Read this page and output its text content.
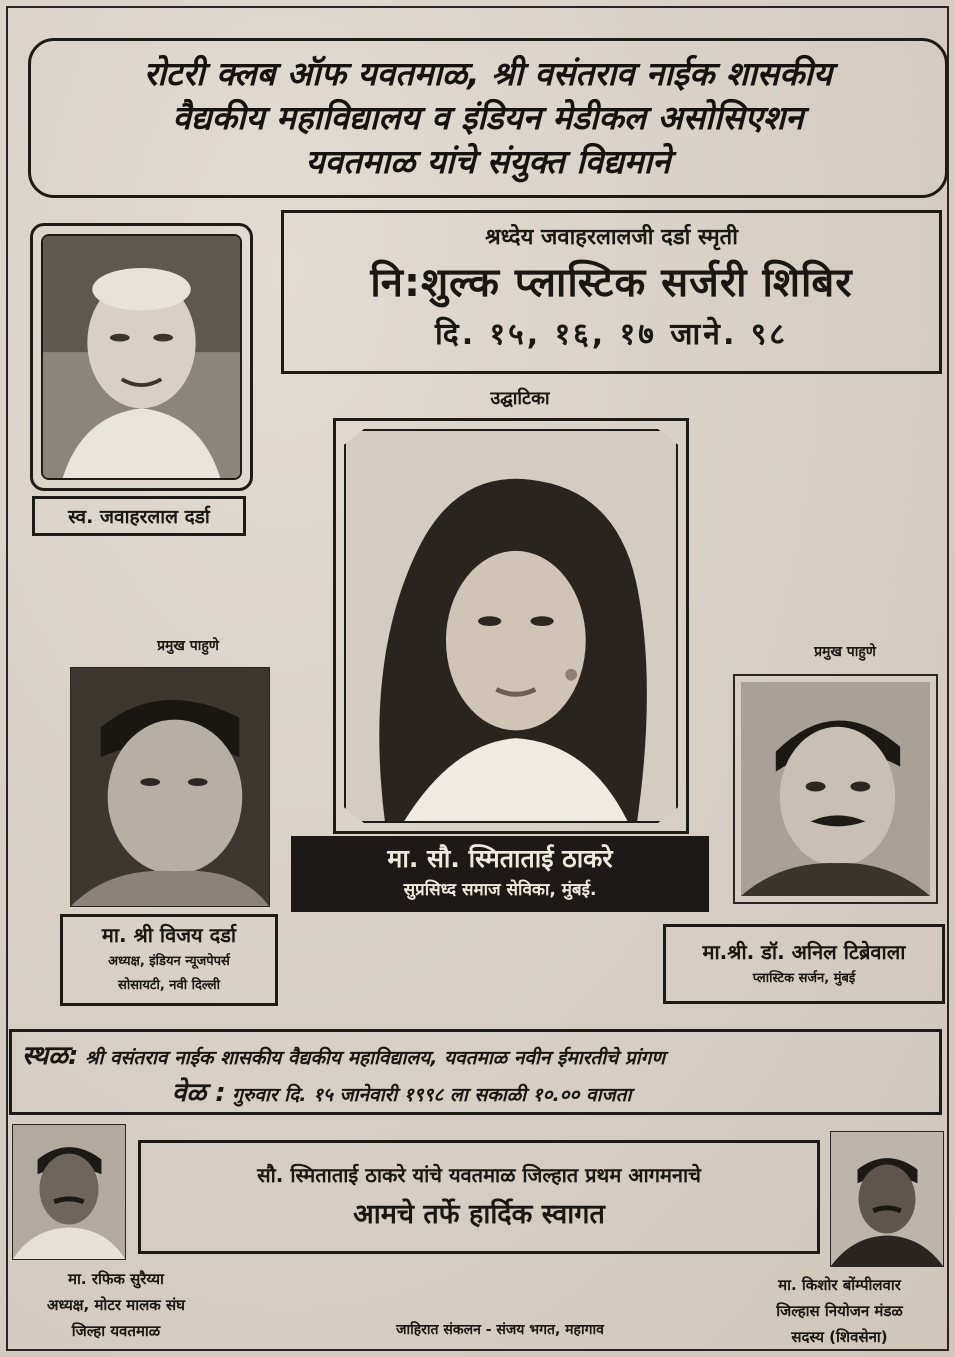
रोटरी क्लब ऑफ यवतमाळ, श्री वसंतराव नाईक शासकीय
वैद्यकीय महाविद्यालय व इंडियन मेडीकल असोसिएशन
यवतमाळ यांचे संयुक्त विद्यमाने
श्रध्देय जवाहरलालजी दर्डा स्मृती
नि:शुल्क प्लास्टिक सर्जरी शिबिर
दि. १५, १६, १७ जाने. ९८
स्व. जवाहरलाल दर्डा
उद्घाटिका
मा. सौ. स्मिताताई ठाकरे
सुप्रसिध्द समाज सेविका, मुंबई.
प्रमुख पाहुणे
मा. श्री विजय दर्डा
अध्यक्ष, इंडियन न्यूजपेपर्स
सोसायटी, नवी दिल्ली
प्रमुख पाहुणे
मा.श्री. डॉ. अनिल टिब्रेवाला
प्लास्टिक सर्जन, मुंबई
स्थळ: श्री वसंतराव नाईक शासकीय वैद्यकीय महाविद्यालय, यवतमाळ नवीन ईमारतीचे प्रांगण
वेळ : गुरुवार दि. १५ जानेवारी १९९८ ला सकाळी १०.०० वाजता
सौ. स्मिताताई ठाकरे यांचे यवतमाळ जिल्हात प्रथम आगमनाचे
आमचे तर्फे हार्दिक स्वागत
मा. रफिक सुरैय्या
अध्यक्ष, मोटर मालक संघ
जिल्हा यवतमाळ
मा. किशोर बोंम्पीलवार
जिल्हास नियोजन मंडळ
सदस्य (शिवसेना)
जाहिरात संकलन - संजय भगत, महागाव
